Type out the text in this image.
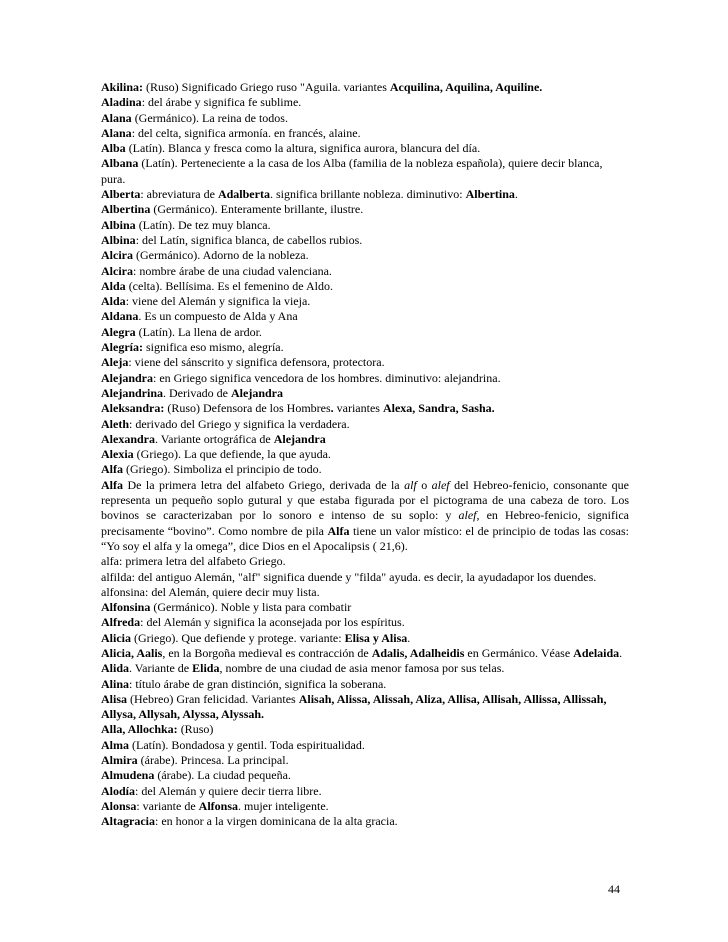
Akilina: (Ruso) Significado Griego ruso "Aguila. variantes Acquilina, Aquilina, Aquiline.
Aladina: del árabe y significa fe sublime.
Alana (Germánico). La reina de todos.
Alana: del celta, significa armonía. en francés, alaine.
Alba (Latín). Blanca y fresca como la altura, significa aurora, blancura del día.
Albana (Latín). Perteneciente a la casa de los Alba (familia de la nobleza española), quiere decir blanca, pura.
Alberta: abreviatura de Adalberta. significa brillante nobleza. diminutivo: Albertina.
Albertina (Germánico). Enteramente brillante, ilustre.
Albina (Latín). De tez muy blanca.
Albina: del Latín, significa blanca, de cabellos rubios.
Alcira (Germánico). Adorno de la nobleza.
Alcira: nombre árabe de una ciudad valenciana.
Alda (celta). Bellísima. Es el femenino de Aldo.
Alda: viene del Alemán y significa la vieja.
Aldana. Es un compuesto de Alda y Ana
Alegra (Latín). La llena de ardor.
Alegría: significa eso mismo, alegría.
Aleja: viene del sánscrito y significa defensora, protectora.
Alejandra: en Griego significa vencedora de los hombres. diminutivo: alejandrina.
Alejandrina. Derivado de Alejandra
Aleksandra: (Ruso) Defensora de los Hombres. variantes Alexa, Sandra, Sasha.
Aleth: derivado del Griego y significa la verdadera.
Alexandra. Variante ortográfica de Alejandra
Alexia (Griego). La que defiende, la que ayuda.
Alfa (Griego). Simboliza el principio de todo.
Alfa De la primera letra del alfabeto Griego, derivada de la alf o alef del Hebreo-fenicio, consonante que representa un pequeño soplo gutural y que estaba figurada por el pictograma de una cabeza de toro. Los bovinos se caracterizaban por lo sonoro e intenso de su soplo: y alef, en Hebreo-fenicio, significa precisamente “bovino”. Como nombre de pila Alfa tiene un valor místico: el de principio de todas las cosas: “Yo soy el alfa y la omega”, dice Dios en el Apocalipsis ( 21,6).
alfa: primera letra del alfabeto Griego.
alfilda: del antiguo Alemán, "alf" significa duende y "filda" ayuda. es decir, la ayudadapor los duendes. alfonsina: del Alemán, quiere decir muy lista.
Alfonsina (Germánico). Noble y lista para combatir
Alfreda: del Alemán y significa la aconsejada por los espíritus.
Alicia (Griego). Que defiende y protege. variante: Elisa y Alisa.
Alicia, Aalis, en la Borgoña medieval es contracción de Adalis, Adalheidis en Germánico. Véase Adelaida.
Alida. Variante de Elida, nombre de una ciudad de asia menor famosa por sus telas.
Alina: título árabe de gran distinción, significa la soberana.
Alisa (Hebreo) Gran felicidad. Variantes Alisah, Alissa, Alissah, Aliza, Allisa, Allisah, Allissa, Allissah, Allysa, Allysah, Alyssa, Alyssah.
Alla, Allochka: (Ruso)
Alma (Latín). Bondadosa y gentil. Toda espiritualidad.
Almira (árabe). Princesa. La principal.
Almudena (árabe). La ciudad pequeña.
Alodía: del Alemán y quiere decir tierra libre.
Alonsa: variante de Alfonsa. mujer inteligente.
Altagracia: en honor a la virgen dominicana de la alta gracia.
44
